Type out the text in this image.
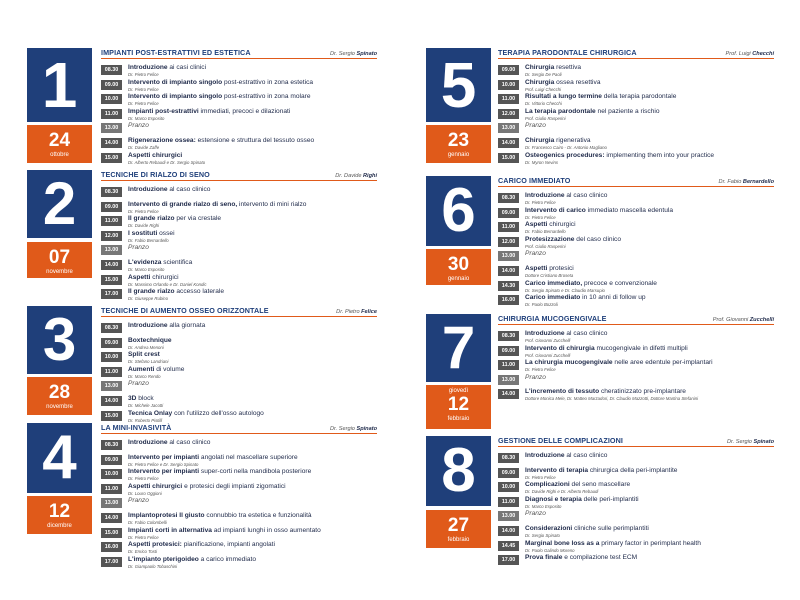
1
24
ottobre
IMPIANTI POST-ESTRATTIVI ED ESTETICA	Dr. Sergio Spinato
08.30	Introduzione ai casi clinici
Dr. Pietro Felice
09.00	Intervento di impianto singolo post-estrattivo in zona estetica
Dr. Pietro Felice
10.00	Intervento di impianto singolo post-estrattivo in zona molare
Dr. Pietro Felice
11.00	Impianti post-estrattivi immediati, precoci e dilazionati
Dr. Marco Esposito
13.00	Pranzo
14.00	Rigenerazione ossea: estensione e struttura del tessuto osseo
Dr. Davide Zaffe
15.00	Aspetti chirurgici
Dr. Alberto Rebaudi e Dr. Sergio Spinato
2
07
novembre
TECNICHE DI RIALZO DI SENO	Dr. Davide Righi
08.30	Introduzione al caso clinico
09.00	Intervento di grande rialzo di seno, intervento di mini rialzo
Dr. Pietro Felice
11.00	Il grande rialzo per via crestale
Dr. Davide Righi
12.00	I sostituti ossei
Dr. Fabio Bernardello
13.00	Pranzo
14.00	L'evidenza scientifica
Dr. Marco Esposito
15.00	Aspetti chirurgici
Dr. Massimo Orlando e Dr. Daniel Kondic
17.00	Il grande rialzo accesso laterale
Dr. Giuseppe Rubino
3
28
novembre
TECNICHE DI AUMENTO OSSEO ORIZZONTALE	Dr. Pietro Felice
08.30	Introduzione alla giornata
09.00	Boxtechnique
Dr. Andrea Menoni
10.00	Split crest
Dr. Stefano Landriani
11.00	Aumenti di volume
Dr. Marco Rendo
13.00	Pranzo
14.00	3D block
Dr. Michele Jacotti
15.00	Tecnica Onlay con l'utilizzo dell'osso autologo
Dr. Roberto Pistilli
4
12
dicembre
LA MINI-INVASIVITÀ	Dr. Sergio Spinato
08.30	Introduzione al caso clinico
09.00	Intervento per impianti angolati nel mascellare superiore
Dr. Pietro Felice e Dr. Sergio Spinato
10.00	Intervento per impianti super-corti nella mandibola posteriore
Dr. Pietro Felice
11.00	Aspetti chirurgici e protesici degli impianti zigomatici
Dr. Louro Oggioni
13.00	Pranzo
14.00	Implantoprotesi Il giusto connubbio tra estetica e funzionalità
Dr. Fabio Colombelli
15.00	Impianti corti in alternativa ad impianti lunghi in osso aumentato
Dr. Pietro Felice
16.00	Aspetti protesici: pianificazione, impianti angolati
Dr. Enrico Tosti
17.00	L'impianto pterigoideo a carico immediato
Dr. Giampaolo Tobaschini
5
23
gennaio
TERAPIA PARODONTALE CHIRURGICA	Prof. Luigi Checchi
09.00	Chirurgia resettiva
Dr. Sergio De Paoli
10.00	Chirurgia ossea resettiva
Prof. Luigi Checchi
11.00	Risultati a lungo termine della terapia parodontale
Dr. Vittorio Checchi
12.00	La terapia parodontale nel paziente a rischio
Prof. Giulio Rasperini
13.00	Pranzo
14.00	Chirurgia rigenerativa
Dr. Francesco Cairo - Dr. Antonio Magliano
15.00	Osteogenics procedures: implementing them into your practice
Dr. Myron Nevins
6
30
gennaio
CARICO IMMEDIATO	Dr. Fabio Bernardello
08.30	Introduzione al caso clinico
Dr. Pietro Felice
09.00	Intervento di carico immediato mascella edentula
Dr. Pietro Felice
11.00	Aspetti chirurgici
Dr. Fabio Bernardello
12.00	Protesizzazione del caso clinico
Prof. Giulio Rasperini
13.00	Pranzo
14.00	Aspetti protesici
Dottore Cristiano Broseta
14.30	Carico immediato, precoce e convenzionale
Dr. Sergio Spinato e Dr. Claudio Marsupio
16.00	Carico immediato in 10 anni di follow up
Dr. Paolo Bozzoli
7
giovedì
12
febbraio
CHIRURGIA MUCOGENGIVALE	Prof. Giovanni Zucchelli
08.30	Introduzione al caso clinico
Prof. Giovanni Zucchelli
09.00	Intervento di chirurgia mucogengivale in difetti multipli
Prof. Giovanni Zucchelli
11.00	La chirurgia mucogengivale nelle aree edentule per-implantari
Dr. Pietro Felice
13.00	Pranzo
14.00	L'incremento di tessuto cheratinizzato pre-implantare
Dottore Monica Mele, Dr. Matteo Marzadori, Dr. Claudio Mazzotti, Dottore Martina Stefanini
8
27
febbraio
GESTIONE DELLE COMPLICAZIONI	Dr. Sergio Spinato
08.30	Introduzione al caso clinico
09.00	Intervento di terapia chirurgica della peri-implantite
Dr. Pietro Felice
10.00	Complicazioni del seno mascellare
Dr. Davide Righi e Dr. Alberto Rebaudi
11.00	Diagnosi e terapia delle peri-implantiti
Dr. Marco Esposito
13.00	Pranzo
14.00	Considerazioni cliniche sulle perimplantiti
Dr. Sergio Spinato
14.45	Marginal bone loss as a primary factor in perimplant health
Dr. Paolo Galindo Moreno
17.00	Prova finale e compilazione test ECM
